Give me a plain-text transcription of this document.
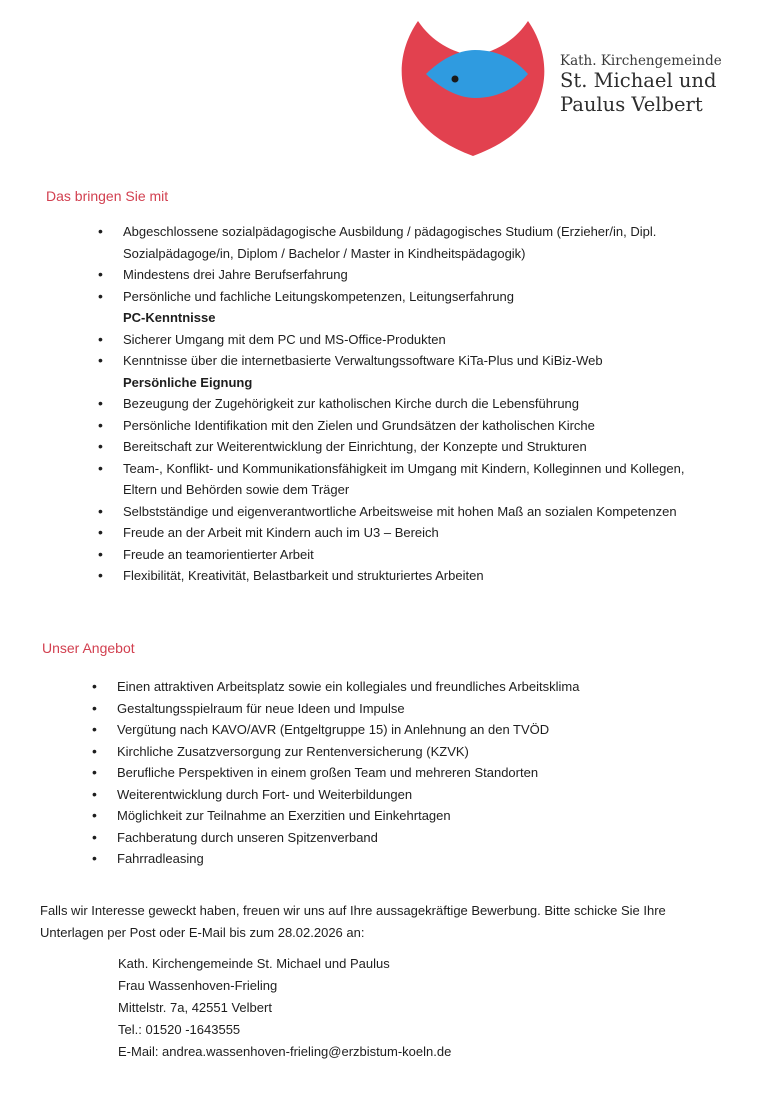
Kath. Kirchengemeinde
St. Michael und
Paulus Velbert
Das bringen Sie mit
• Abgeschlossene sozialpädagogische Ausbildung / pädagogisches Studium (Erzieher/in, Dipl. Sozialpädagoge/in, Diplom / Bachelor / Master in Kindheitspädagogik)
• Mindestens drei Jahre Berufserfahrung
• Persönliche und fachliche Leitungskompetenzen, Leitungserfahrung
PC-Kenntnisse
• Sicherer Umgang mit dem PC und MS-Office-Produkten
• Kenntnisse über die internetbasierte Verwaltungssoftware KiTa-Plus und KiBiz-Web
Persönliche Eignung
• Bezeugung der Zugehörigkeit zur katholischen Kirche durch die Lebensführung
• Persönliche Identifikation mit den Zielen und Grundsätzen der katholischen Kirche
• Bereitschaft zur Weiterentwicklung der Einrichtung, der Konzepte und Strukturen
• Team-, Konflikt- und Kommunikationsfähigkeit im Umgang mit Kindern, Kolleginnen und Kollegen, Eltern und Behörden sowie dem Träger
• Selbstständige und eigenverantwortliche Arbeitsweise mit hohen Maß an sozialen Kompetenzen
• Freude an der Arbeit mit Kindern auch im U3 – Bereich
• Freude an teamorientierter Arbeit
• Flexibilität, Kreativität, Belastbarkeit und strukturiertes Arbeiten
Unser Angebot
• Einen attraktiven Arbeitsplatz sowie ein kollegiales und freundliches Arbeitsklima
• Gestaltungsspielraum für neue Ideen und Impulse
• Vergütung nach KAVO/AVR (Entgeltgruppe 15) in Anlehnung an den TVÖD
• Kirchliche Zusatzversorgung zur Rentenversicherung (KZVK)
• Berufliche Perspektiven in einem großen Team und mehreren Standorten
• Weiterentwicklung durch Fort- und Weiterbildungen
• Möglichkeit zur Teilnahme an Exerzitien und Einkehrtagen
• Fachberatung durch unseren Spitzenverband
• Fahrradleasing
Falls wir Interesse geweckt haben, freuen wir uns auf Ihre aussagekräftige Bewerbung. Bitte schicke Sie Ihre Unterlagen per Post oder E-Mail bis zum 28.02.2026 an:
Kath. Kirchengemeinde St. Michael und Paulus
Frau Wassenhoven-Frieling
Mittelstr. 7a, 42551 Velbert
Tel.: 01520 -1643555
E-Mail: andrea.wassenhoven-frieling@erzbistum-koeln.de
